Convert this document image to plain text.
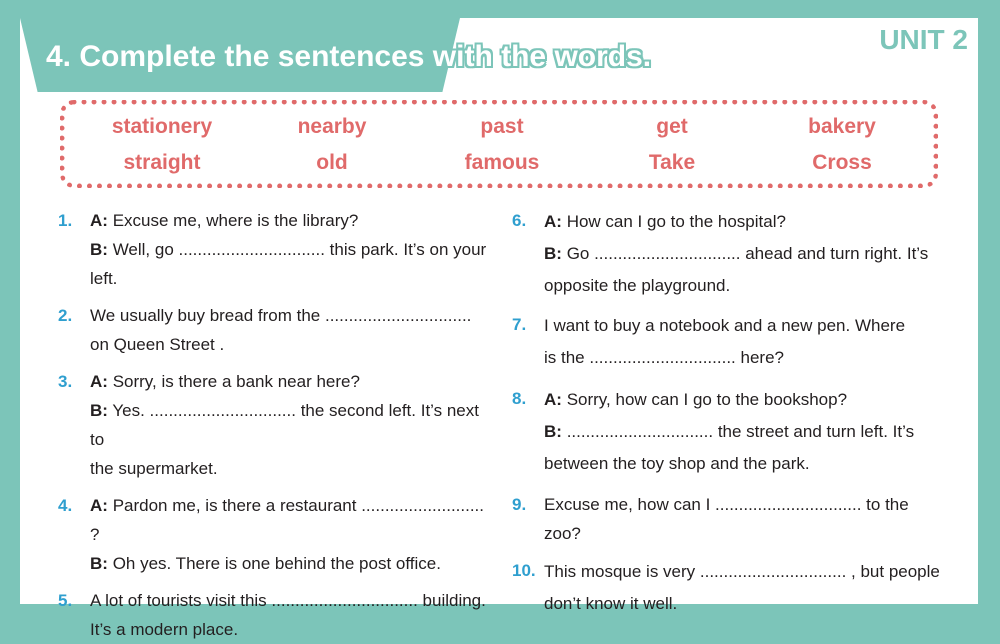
4. Complete the sentences with the words.
UNIT 2
stationery	nearby	past	get	bakery
straight	old	famous	Take	Cross
1. A: Excuse me, where is the library?
B: Well, go ............................... this park. It’s on your
left.
2. We usually buy bread from the ...............................
on Queen Street .
3. A: Sorry, is there a bank near here?
B: Yes. ............................... the second left. It’s next to
the supermarket.
4. A: Pardon me, is there a restaurant .......................... ?
B: Oh yes. There is one behind the post office.
5. A lot of tourists visit this ............................... building.
It’s a modern place.
6. A: How can I go to the hospital?
B: Go ............................... ahead and turn right. It’s
opposite the playground.
7. I want to buy a notebook and a new pen. Where
is the ............................... here?
8. A: Sorry, how can I go to the bookshop?
B: ............................... the street and turn left. It’s
between the toy shop and the park.
9. Excuse me, how can I ............................... to the zoo?
10. This mosque is very ............................... , but people
don’t know it well.
